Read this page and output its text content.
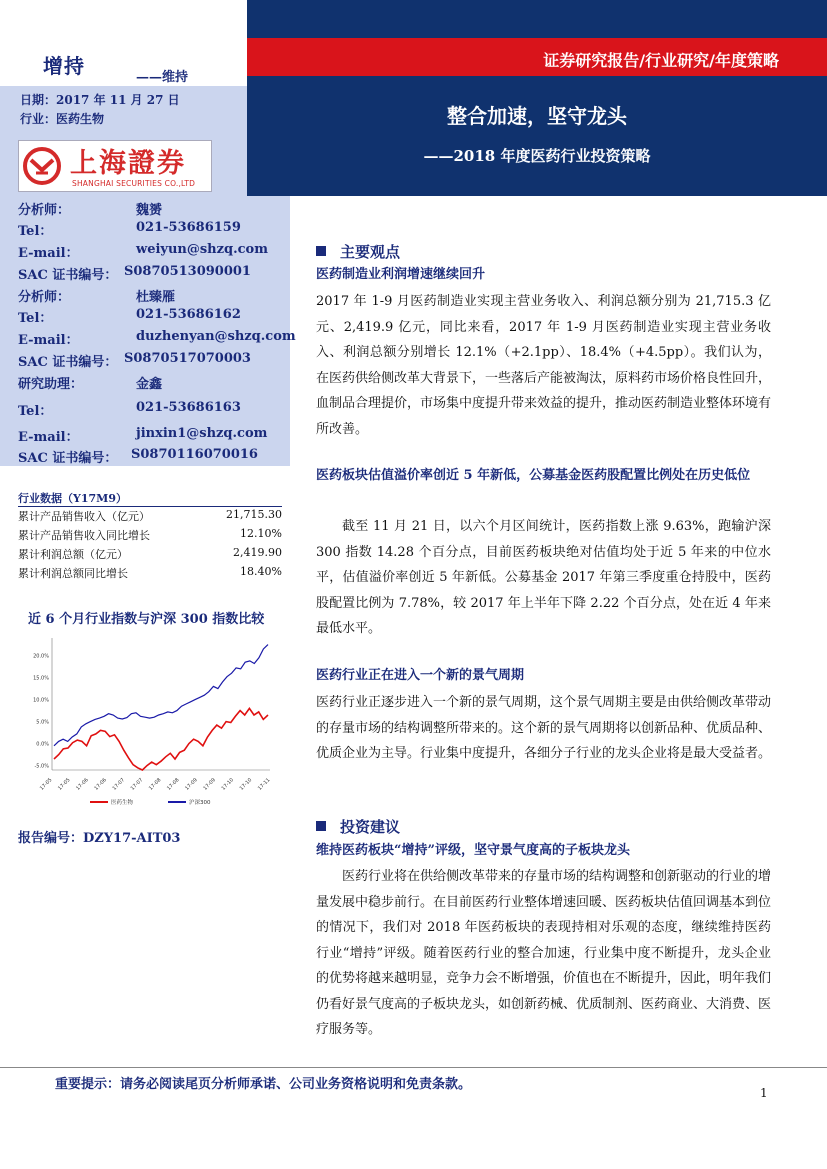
增持	——维持
证券研究报告/行业研究/年度策略
整合加速，坚守龙头
——2018 年度医药行业投资策略
日期：2017 年 11 月 27 日
行业：医药生物
上海證券
SHANGHAI SECURITIES CO.,LTD
分析师：	魏赟
Tel：	021-53686159
E-mail：	weiyun@shzq.com
SAC 证书编号： S0870513090001
分析师：	杜臻雁
Tel：	021-53686162
E-mail：	duzhenyan@shzq.com
SAC 证书编号： S0870517070003
研究助理：	金鑫
Tel：	021-53686163
E-mail：	jinxin1@shzq.com
SAC 证书编号： S0870116070016
行业数据（Y17M9）
累计产品销售收入（亿元）	21,715.30
累计产品销售收入同比增长	12.10%
累计利润总额（亿元）	2,419.90
累计利润总额同比增长	18.40%
近 6 个月行业指数与沪深 300 指数比较
20.0%
15.0%
10.0%
5.0%
0.0%
-5.0%
17-05 17-05 17-06 17-06 17-07 17-07 17-08 17-08 17-09 17-09 17-10 17-10 17-11
医药生物	沪深300
报告编号：DZY17-AIT03
主要观点
医药制造业利润增速继续回升
2017 年 1-9 月医药制造业实现主营业务收入、利润总额分别为 21,715.3 亿元、2,419.9 亿元，同比来看，2017 年 1-9 月医药制造业实现主营业务收入、利润总额分别增长 12.1%（+2.1pp）、18.4%（+4.5pp）。我们认为，在医药供给侧改革大背景下，一些落后产能被淘汰，原料药市场价格良性回升，血制品合理提价，市场集中度提升带来效益的提升，推动医药制造业整体环境有所改善。
医药板块估值溢价率创近 5 年新低，公募基金医药股配置比例处在历史低位
截至 11 月 21 日，以六个月区间统计，医药指数上涨 9.63%，跑输沪深 300 指数 14.28 个百分点，目前医药板块绝对估值均处于近 5 年来的中位水平，估值溢价率创近 5 年新低。公募基金 2017 年第三季度重仓持股中，医药股配置比例为 7.78%，较 2017 年上半年下降 2.22 个百分点，处在近 4 年来最低水平。
医药行业正在进入一个新的景气周期
医药行业正逐步进入一个新的景气周期，这个景气周期主要是由供给侧改革带动的存量市场的结构调整所带来的。这个新的景气周期将以创新品种、优质品种、优质企业为主导。行业集中度提升，各细分子行业的龙头企业将是最大受益者。
投资建议
维持医药板块“增持”评级，坚守景气度高的子板块龙头
医药行业将在供给侧改革带来的存量市场的结构调整和创新驱动的行业的增量发展中稳步前行。在目前医药行业整体增速回暖、医药板块估值回调基本到位的情况下，我们对 2018 年医药板块的表现持相对乐观的态度，继续维持医药行业“增持”评级。随着医药行业的整合加速，行业集中度不断提升，龙头企业的优势将越来越明显，竞争力会不断增强，价值也在不断提升，因此，明年我们仍看好景气度高的子板块龙头，如创新药械、优质制剂、医药商业、大消费、医疗服务等。
重要提示：请务必阅读尾页分析师承诺、公司业务资格说明和免责条款。
1
